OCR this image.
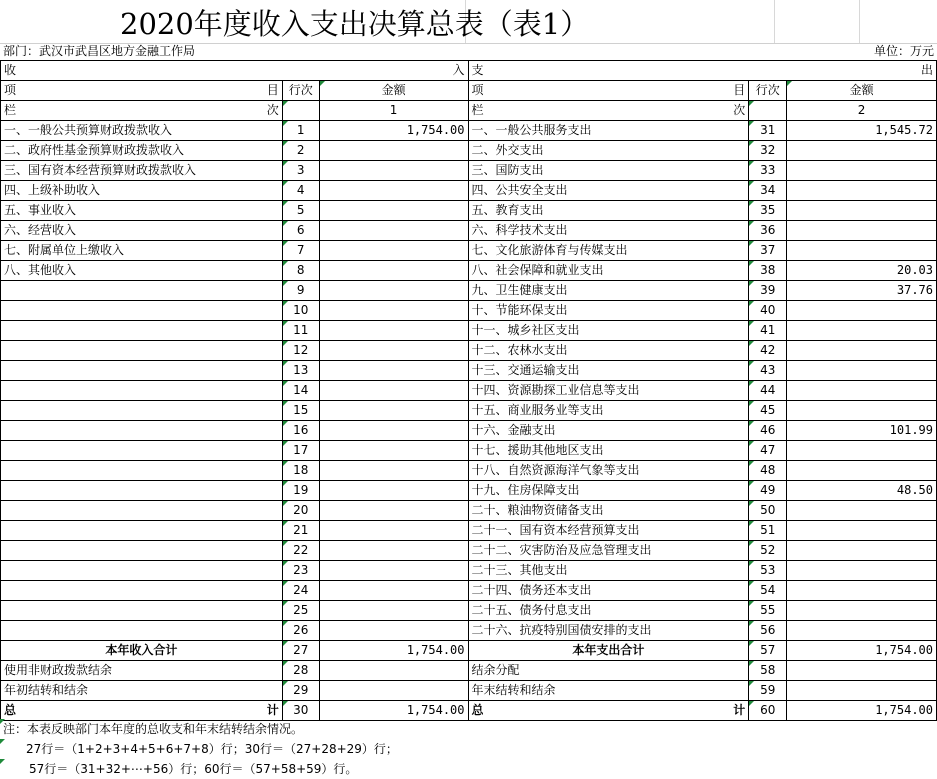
2020年度收入支出决算总表（表1）
部门：武汉市武昌区地方金融工作局	单位：万元
收 入			支 出		

项 目	行次	金额	项 目	行次	金额

栏 次		1	栏 次		2
一、一般公共预算财政拨款收入	1	1,754.00	一、一般公共服务支出	31	1,545.72
二、政府性基金预算财政拨款收入	2		二、外交支出	32	
三、国有资本经营预算财政拨款收入	3		三、国防支出	33	
四、上级补助收入	4		四、公共安全支出	34	
五、事业收入	5		五、教育支出	35	
六、经营收入	6		六、科学技术支出	36	
七、附属单位上缴收入	7		七、文化旅游体育与传媒支出	37	
八、其他收入	8		八、社会保障和就业支出	38	20.03
	9		九、卫生健康支出	39	37.76
	10		十、节能环保支出	40	
	11		十一、城乡社区支出	41	
	12		十二、农林水支出	42	
	13		十三、交通运输支出	43	
	14		十四、资源勘探工业信息等支出	44	
	15		十五、商业服务业等支出	45	
	16		十六、金融支出	46	101.99
	17		十七、援助其他地区支出	47	
	18		十八、自然资源海洋气象等支出	48	
	19		十九、住房保障支出	49	48.50
	20		二十、粮油物资储备支出	50	
	21		二十一、国有资本经营预算支出	51	
	22		二十二、灾害防治及应急管理支出	52	
	23		二十三、其他支出	53	
	24		二十四、债务还本支出	54	
	25		二十五、债务付息支出	55	
	26		二十六、抗疫特别国债安排的支出	56	
本年收入合计	27	1,754.00	本年支出合计	57	1,754.00
使用非财政拨款结余	28		结余分配	58	
年初结转和结余	29		年末结转和结余	59	

总 计	30	1,754.00	总 计	60	1,754.00
注：本表反映部门本年度的总收支和年末结转结余情况。
27行＝（1+2+3+4+5+6+7+8）行；30行＝（27+28+29）行；
57行＝（31+32+⋯+56）行；60行＝（57+58+59）行。
